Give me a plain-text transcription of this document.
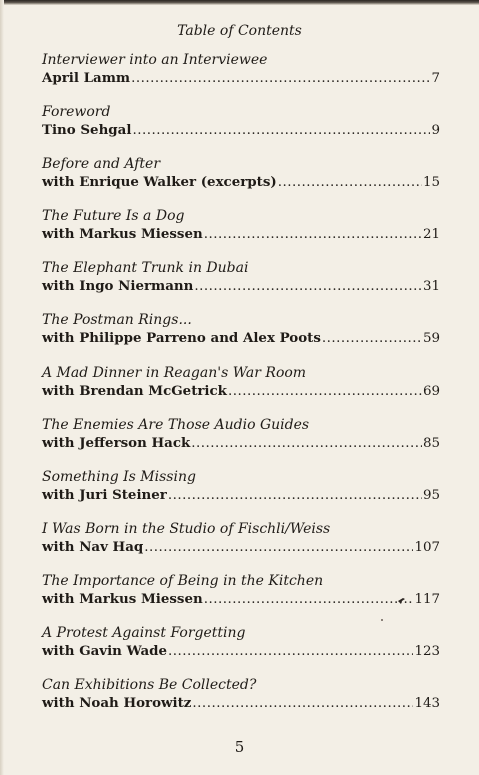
Table of Contents
Interviewer into an Interviewee
April Lamm .....	7
Foreword
Tino Sehgal .....	9
Before and After
with Enrique Walker (excerpts) .....	15
The Future Is a Dog
with Markus Miessen .....	21
The Elephant Trunk in Dubai
with Ingo Niermann .....	31
The Postman Rings...
with Philippe Parreno and Alex Poots .....	59
A Mad Dinner in Reagan's War Room
with Brendan McGetrick .....	69
The Enemies Are Those Audio Guides
with Jefferson Hack .....	85
Something Is Missing
with Juri Steiner .....	95
I Was Born in the Studio of Fischli/Weiss
with Nav Haq .....	107
The Importance of Being in the Kitchen
with Markus Miessen .....	117
A Protest Against Forgetting
with Gavin Wade .....	123
Can Exhibitions Be Collected?
with Noah Horowitz .....	143
5
